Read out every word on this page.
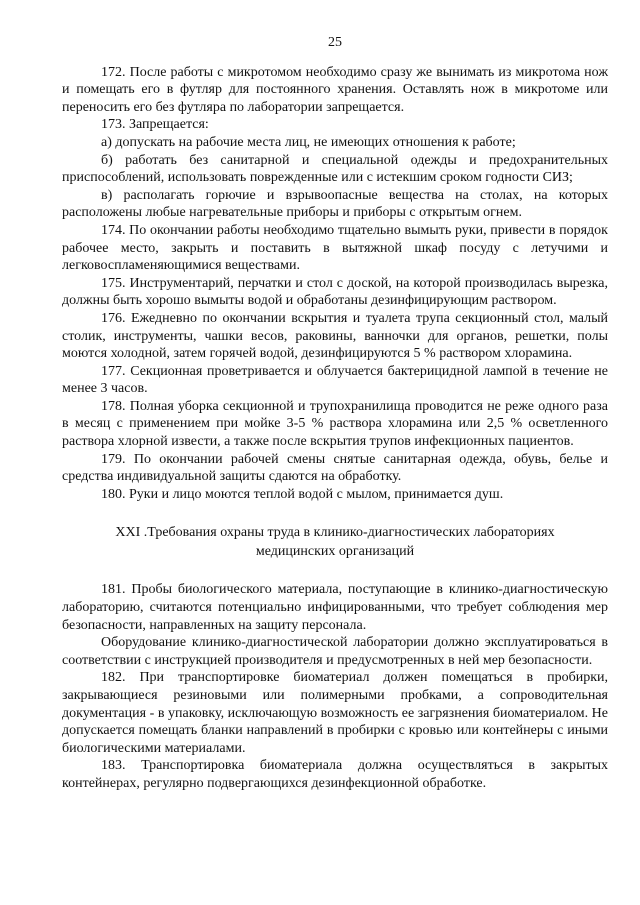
25

172. После работы с микротомом необходимо сразу же вынимать из микротома нож и помещать его в футляр для постоянного хранения. Оставлять нож в микротоме или переносить его без футляра по лаборатории запрещается.

173. Запрещается:

а) допускать на рабочие места лиц, не имеющих отношения к работе;

б) работать без санитарной и специальной одежды и предохранительных приспособлений, использовать поврежденные или с истекшим сроком годности СИЗ;

в) располагать горючие и взрывоопасные вещества на столах, на которых расположены любые нагревательные приборы и приборы с открытым огнем.

174. По окончании работы необходимо тщательно вымыть руки, привести в порядок рабочее место, закрыть и поставить в вытяжной шкаф посуду с летучими и легковоспламеняющимися веществами.

175. Инструментарий, перчатки и стол с доской, на которой производилась вырезка, должны быть хорошо вымыты водой и обработаны дезинфицирующим раствором.

176. Ежедневно по окончании вскрытия и туалета трупа секционный стол, малый столик, инструменты, чашки весов, раковины, ванночки для органов, решетки, полы моются холодной, затем горячей водой, дезинфицируются 5 % раствором хлорамина.

177. Секционная проветривается и облучается бактерицидной лампой в течение не менее 3 часов.

178. Полная уборка секционной и трупохранилища проводится не реже одного раза в месяц с применением при мойке 3-5 % раствора хлорамина или 2,5 % осветленного раствора хлорной извести, а также после вскрытия трупов инфекционных пациентов.

179. По окончании рабочей смены снятые санитарная одежда, обувь, белье и средства индивидуальной защиты сдаются на обработку.

180. Руки и лицо моются теплой водой с мылом, принимается душ.

XXI .Требования охраны труда в клинико-диагностических лабораториях
медицинских организаций

181. Пробы биологического материала, поступающие в клинико-диагностическую лабораторию, считаются потенциально инфицированными, что требует соблюдения мер безопасности, направленных на защиту персонала.

Оборудование клинико-диагностической лаборатории должно эксплуатироваться в соответствии с инструкцией производителя и предусмотренных в ней мер безопасности.

182. При транспортировке биоматериал должен помещаться в пробирки, закрывающиеся резиновыми или полимерными пробками, а сопроводительная документация - в упаковку, исключающую возможность ее загрязнения биоматериалом. Не допускается помещать бланки направлений в пробирки с кровью или контейнеры с иными биологическими материалами.

183. Транспортировка биоматериала должна осуществляться в закрытых контейнерах, регулярно подвергающихся дезинфекционной обработке.
